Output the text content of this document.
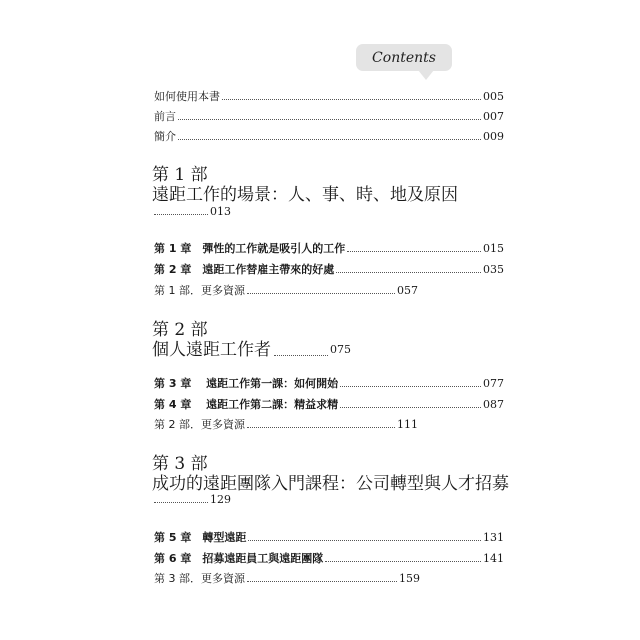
Contents
如何使用本書	005
前言	007
簡介	009
第 1 部
遠距工作的場景：人、事、時、地及原因
013
第 1 章　彈性的工作就是吸引人的工作	015
第 2 章　遠距工作替雇主帶來的好處	035
第 1 部．更多資源	057
第 2 部
個人遠距工作者	075
第 3 章　 遠距工作第一課：如何開始	077
第 4 章　 遠距工作第二課：精益求精	087
第 2 部．更多資源	111
第 3 部
成功的遠距團隊入門課程：公司轉型與人才招募
129
第 5 章　轉型遠距	131
第 6 章　招募遠距員工與遠距團隊	141
第 3 部．更多資源	159
